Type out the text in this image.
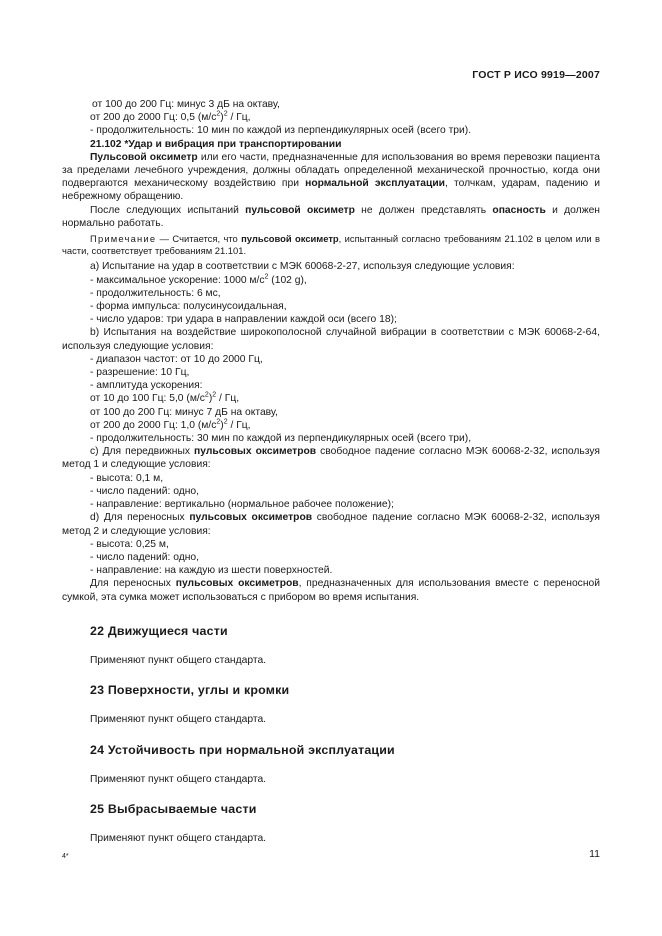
ГОСТ Р ИСО 9919—2007

от 100 до 200 Гц: минус 3 дБ на октаву,

от 200 до 2000 Гц: 0,5 $(м/с^2)^2$ / Гц,

- продолжительность: 10 мин по каждой из перпендикулярных осей (всего три).

21.102 *Удар и вибрация при транспортировании

Пульсовой оксиметр или его части, предназначенные для использования во время перевозки пациента за пределами лечебного учреждения, должны обладать определенной механической прочностью, когда они подвергаются механическому воздействию при нормальной эксплуатации, толчкам, ударам, падению и небрежному обращению.

После следующих испытаний пульсовой оксиметр не должен представлять опасность и должен нормально работать.

Примечание — Считается, что пульсовой оксиметр, испытанный согласно требованиям 21.102 в целом или в части, соответствует требованиям 21.101.

а) Испытание на удар в соответствии с МЭК 60068-2-27, используя следующие условия:

- максимальное ускорение: 1000 $м/с^2$ (102 g),

- продолжительность: 6 мс,

- форма импульса: полусинусоидальная,

- число ударов: три удара в направлении каждой оси (всего 18);

b) Испытания на воздействие широкополосной случайной вибрации в соответствии с МЭК 60068-2-64, используя следующие условия:

- диапазон частот: от 10 до 2000 Гц,

- разрешение: 10 Гц,

- амплитуда ускорения:

от 10 до 100 Гц: 5,0 $(м/с^2)^2$ / Гц,

от 100 до 200 Гц: минус 7 дБ на октаву,

от 200 до 2000 Гц: 1,0 $(м/с^2)^2$ / Гц,

- продолжительность: 30 мин по каждой из перпендикулярных осей (всего три),

c) Для передвижных пульсовых оксиметров свободное падение согласно МЭК 60068-2-32, используя метод 1 и следующие условия:

- высота: 0,1 м,

- число падений: одно,

- направление: вертикально (нормальное рабочее положение);

d) Для переносных пульсовых оксиметров свободное падение согласно МЭК 60068-2-32, используя метод 2 и следующие условия:

- высота: 0,25 м,

- число падений: одно,

- направление: на каждую из шести поверхностей.

Для переносных пульсовых оксиметров, предназначенных для использования вместе с переносной сумкой, эта сумка может использоваться с прибором во время испытания.

22 Движущиеся части

Применяют пункт общего стандарта.

23 Поверхности, углы и кромки

Применяют пункт общего стандарта.

24 Устойчивость при нормальной эксплуатации

Применяют пункт общего стандарта.

25 Выбрасываемые части

Применяют пункт общего стандарта.

4*	11
